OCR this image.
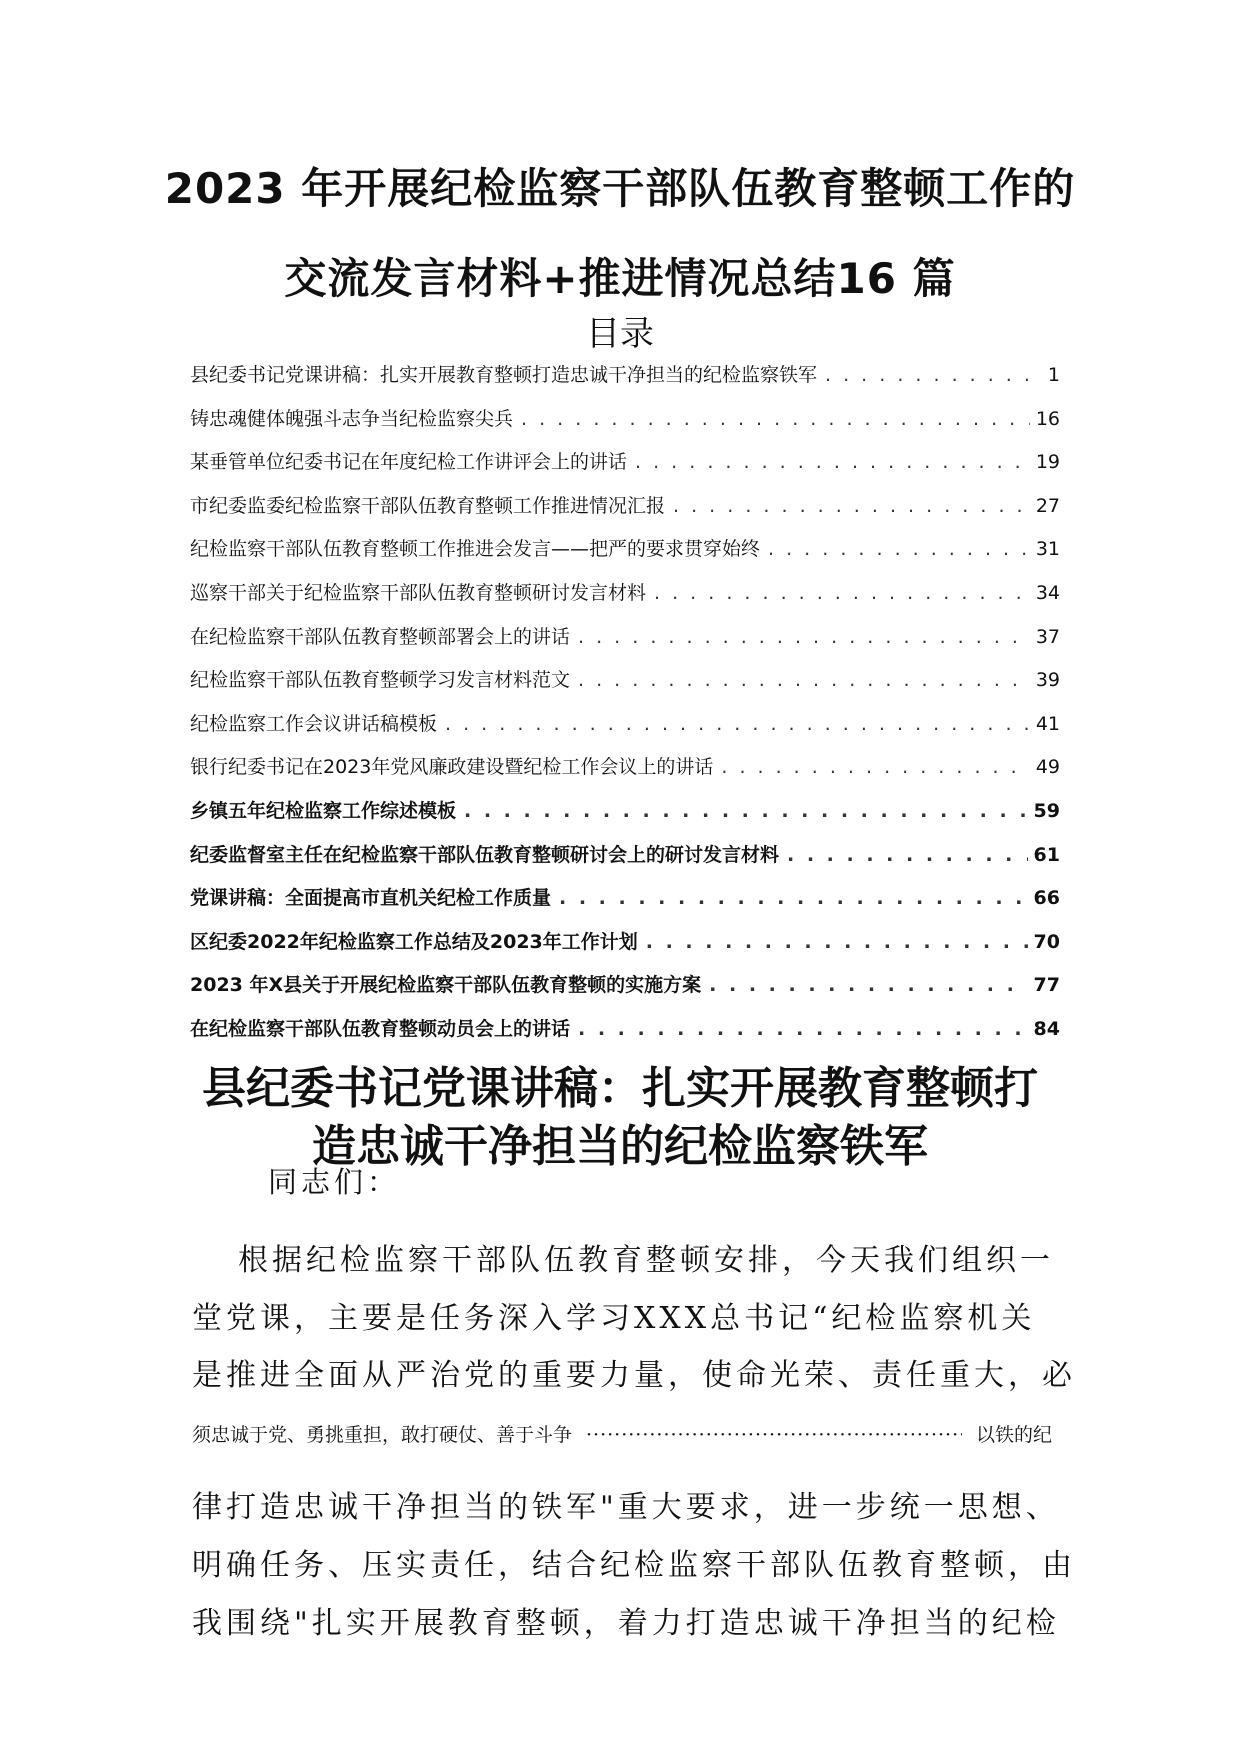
2023 年开展纪检监察干部队伍教育整顿工作的
交流发言材料+推进情况总结16 篇
目录
县纪委书记党课讲稿：扎实开展教育整顿打造忠诚干净担当的纪检监察铁军 . . .	1
铸忠魂健体魄强斗志争当纪检监察尖兵 . . .	16
某垂管单位纪委书记在年度纪检工作讲评会上的讲话 . . .	19
市纪委监委纪检监察干部队伍教育整顿工作推进情况汇报 . . .	27
纪检监察干部队伍教育整顿工作推进会发言——把严的要求贯穿始终 . . .	31
巡察干部关于纪检监察干部队伍教育整顿研讨发言材料 . . .	34
在纪检监察干部队伍教育整顿部署会上的讲话 . . .	37
纪检监察干部队伍教育整顿学习发言材料范文 . . .	39
纪检监察工作会议讲话稿模板 . . .	41
银行纪委书记在2023年党风廉政建设暨纪检工作会议上的讲话 . . .	49
乡镇五年纪检监察工作综述模板 . . .	59
纪委监督室主任在纪检监察干部队伍教育整顿研讨会上的研讨发言材料 . . .	61
党课讲稿：全面提高市直机关纪检工作质量 . . .	66
区纪委2022年纪检监察工作总结及2023年工作计划 . . .	70
2023 年X县关于开展纪检监察干部队伍教育整顿的实施方案 . . .	77
在纪检监察干部队伍教育整顿动员会上的讲话 . . .	84
县纪委书记党课讲稿：扎实开展教育整顿打
造忠诚干净担当的纪检监察铁军
同志们：
根据纪检监察干部队伍教育整顿安排，今天我们组织一
堂党课，主要是任务深入学习XXX总书记“纪检监察机关
是推进全面从严治党的重要力量，使命光荣、责任重大，必
须忠诚于党、勇挑重担，敢打硬仗、善于斗争 ·····	以铁的纪
律打造忠诚干净担当的铁军"重大要求，进一步统一思想、
明确任务、压实责任，结合纪检监察干部队伍教育整顿，由
我围绕"扎实开展教育整顿，着力打造忠诚干净担当的纪检
